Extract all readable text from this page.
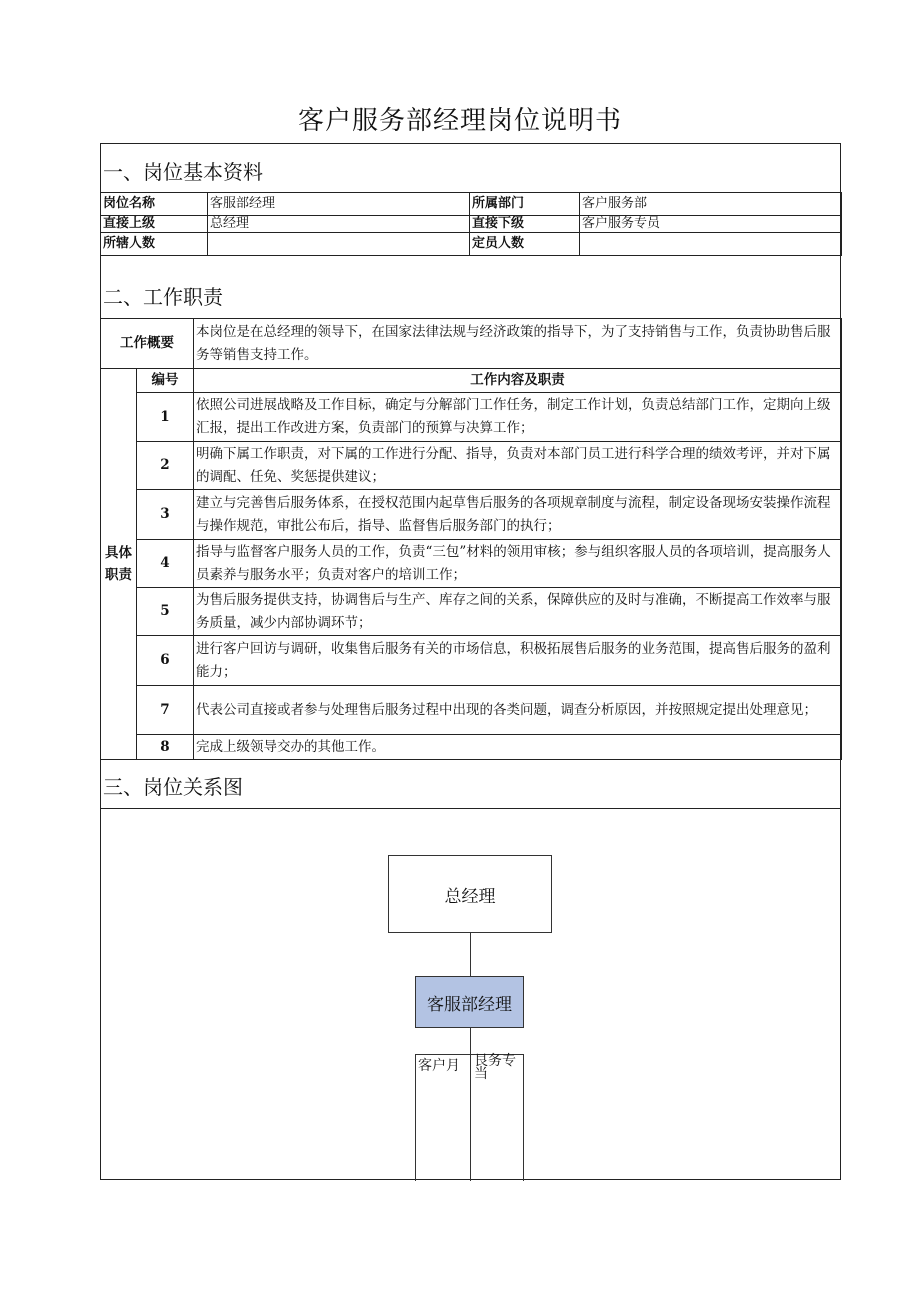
客户服务部经理岗位说明书
一、岗位基本资料
岗位名称	客服部经理	所属部门	客户服务部
直接上级	总经理	直接下级	客户服务专员
所辖人数		定员人数	
二、工作职责
工作概要		本岗位是在总经理的领导下，在国家法律法规与经济政策的指导下，为了支持销售与工作，负责协助售后服务等销售支持工作。
具体职责	编号	工作内容及职责
	1	依照公司进展战略及工作目标，确定与分解部门工作任务，制定工作计划，负责总结部门工作，定期向上级汇报，提出工作改进方案，负责部门的预算与决算工作；
	2	明确下属工作职责，对下属的工作进行分配、指导，负责对本部门员工进行科学合理的绩效考评，并对下属的调配、任免、奖惩提供建议；
	3	建立与完善售后服务体系，在授权范围内起草售后服务的各项规章制度与流程，制定设备现场安装操作流程与操作规范，审批公布后，指导、监督售后服务部门的执行；
	4	指导与监督客户服务人员的工作，负责“三包”材料的领用审核；参与组织客服人员的各项培训，提高服务人员素养与服务水平；负责对客户的培训工作；
	5	为售后服务提供支持，协调售后与生产、库存之间的关系，保障供应的及时与准确，不断提高工作效率与服务质量，减少内部协调环节；
	6	进行客户回访与调研，收集售后服务有关的市场信息，积极拓展售后服务的业务范围，提高售后服务的盈利能力；
	7	代表公司直接或者参与处理售后服务过程中出现的各类问题，调查分析原因，并按照规定提出处理意见；
	8	完成上级领导交办的其他工作。
三、岗位关系图
总经理
客服部经理
客户月 艮务专
当
